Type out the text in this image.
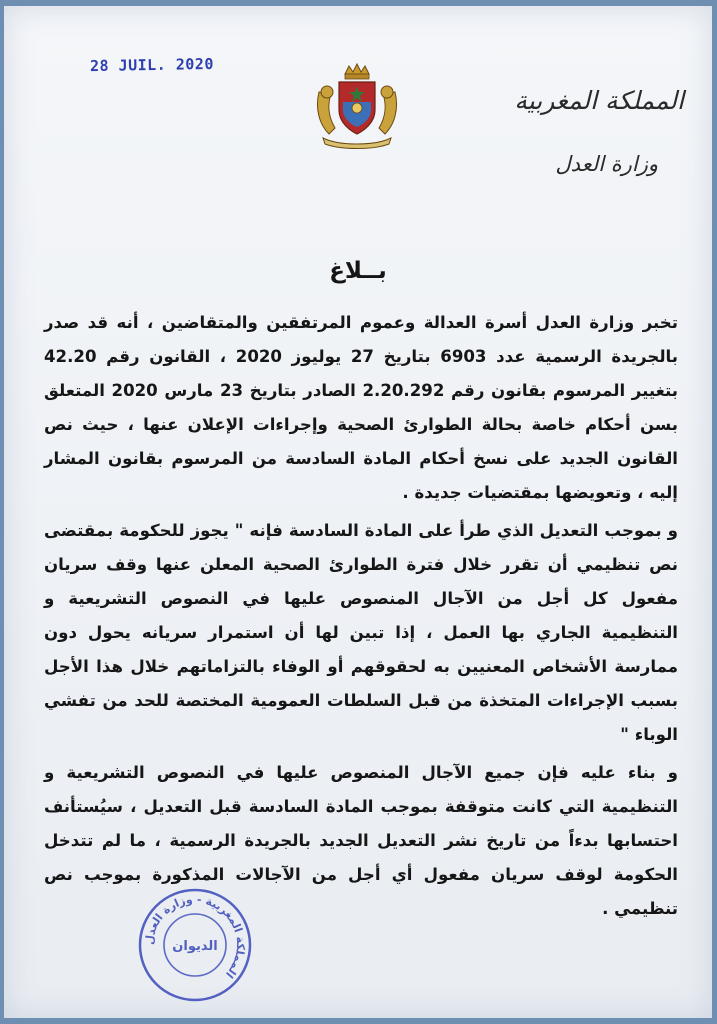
28 JUIL. 2020
المملكة المغربية
وزارة العدل
بــلاغ

تخبر وزارة العدل أسرة العدالة وعموم المرتفقين والمتقاضين ، أنه قد صدر بالجريدة الرسمية عدد 6903 بتاريخ 27 يوليوز 2020 ، القانون رقم 42.20 بتغيير المرسوم بقانون رقم 2.20.292 الصادر بتاريخ 23 مارس 2020 المتعلق بسن أحكام خاصة بحالة الطوارئ الصحية وإجراءات الإعلان عنها ، حيث نص القانون الجديد على نسخ أحكام المادة السادسة من المرسوم بقانون المشار إليه ، وتعويضها بمقتضيات جديدة .

و بموجب التعديل الذي طرأ على المادة السادسة فإنه " يجوز للحكومة بمقتضى نص تنظيمي أن تقرر خلال فترة الطوارئ الصحية المعلن عنها وقف سريان مفعول كل أجل من الآجال المنصوص عليها في النصوص التشريعية و التنظيمية الجاري بها العمل ، إذا تبين لها أن استمرار سريانه يحول دون ممارسة الأشخاص المعنيين به لحقوقهم أو الوفاء بالتزاماتهم خلال هذا الأجل بسبب الإجراءات المتخذة من قبل السلطات العمومية المختصة للحد من تفشي الوباء "

و بناء عليه فإن جميع الآجال المنصوص عليها في النصوص التشريعية و التنظيمية التي كانت متوقفة بموجب المادة السادسة قبل التعديل ، سيُستأنف احتسابها بدءاً من تاريخ نشر التعديل الجديد بالجريدة الرسمية ، ما لم تتدخل الحكومة لوقف سريان مفعول أي أجل من الآجالات المذكورة بموجب نص تنظيمي .

المملكة المغربية - وزارة العدل
الديوان
